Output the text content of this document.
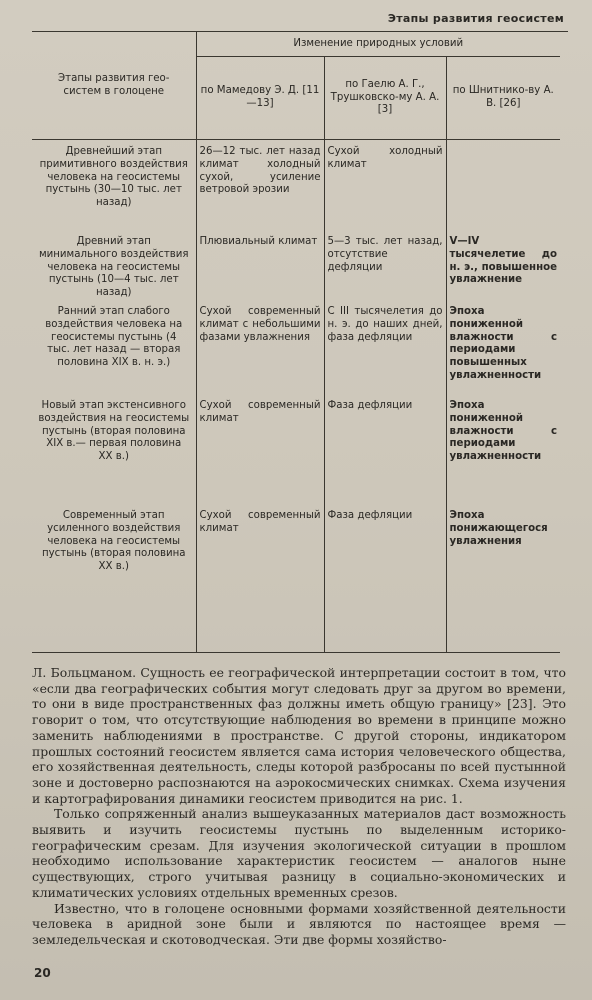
Этапы развития геосистем
Этапы развития гео-систем в голоцене	Изменение природных условий		
	по Мамедову Э. Д. [11—13]	по Гаелю А. Г., Трушковско-му А. А. [3]	по Шнитнико-ву А. В. [26]
Древнейший этап примитивного воздействия человека на геосистемы пустынь (30—10 тыс. лет назад)	26—12 тыс. лет назад климат холодный сухой, усиление ветровой эрозии	Сухой холодный климат	
Древний этап минимального воздействия человека на геосистемы пустынь (10—4 тыс. лет назад)	Плювиальный климат	5—3 тыс. лет назад, отсутствие дефляции	V—IV тысячелетие до н. э., повышенное увлажнение
Ранний этап слабого воздействия человека на геосистемы пустынь (4 тыс. лет назад — вторая половина XIX в. н. э.)	Сухой современный климат с небольшими фазами увлажнения	С III тысячелетия до н. э. до наших дней, фаза дефляции	Эпоха пониженной влажности с периодами повышенных увлажненности
Новый этап экстенсивного воздействия на геосистемы пустынь (вторая половина XIX в.— первая половина XX в.)	Сухой современный климат	Фаза дефляции	Эпоха пониженной влажности с периодами увлажненности
Современный этап усиленного воздействия человека на геосистемы пустынь (вторая половина XX в.)	Сухой современный климат	Фаза дефляции	Эпоха понижающегося увлажнения

Л. Больцманом. Сущность ее географической интерпретации состоит в том, что «если два географических события могут следовать друг за другом во времени, то они в виде пространственных фаз должны иметь общую границу» [23]. Это говорит о том, что отсутствующие наблюдения во времени в принципе можно заменить наблюдениями в пространстве. С другой стороны, индикатором прошлых состояний геосистем является сама история человеческого общества, его хозяйственная деятельность, следы которой разбросаны по всей пустынной зоне и достоверно распознаются на аэрокосмических снимках. Схема изучения и картографирования динамики геосистем приводится на рис. 1.

Только сопряженный анализ вышеуказанных материалов даст возможность выявить и изучить геосистемы пустынь по выделенным историко-географическим срезам. Для изучения экологической ситуации в прошлом необходимо использование характеристик геосистем — аналогов ныне существующих, строго учитывая разницу в социально-экономических и климатических условиях отдельных временных срезов.

Известно, что в голоцене основными формами хозяйственной деятельности человека в аридной зоне были и являются по настоящее время — земледельческая и скотоводческая. Эти две формы хозяйство-

20
